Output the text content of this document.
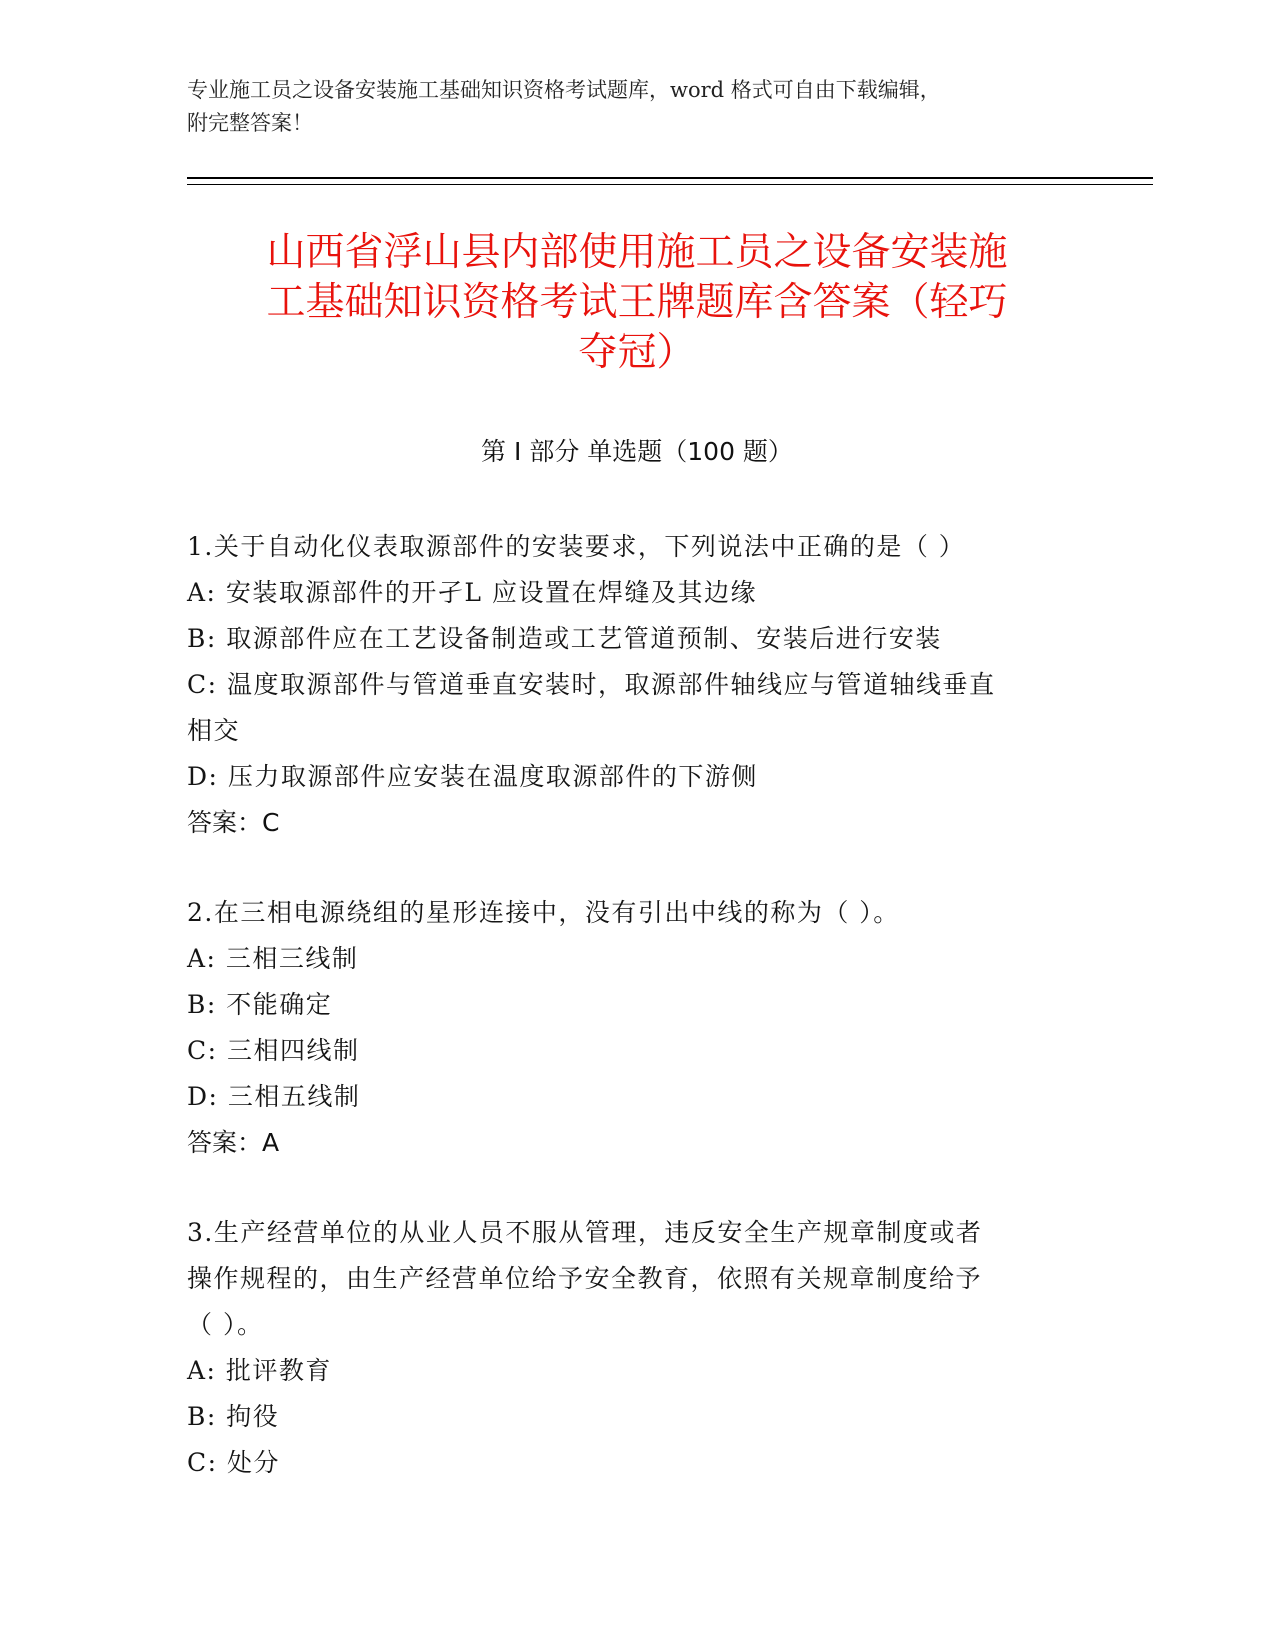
专业施工员之设备安装施工基础知识资格考试题库，word 格式可自由下载编辑，
附完整答案！
山西省浮山县内部使用施工员之设备安装施
工基础知识资格考试王牌题库含答案（轻巧
夺冠）
第 I 部分 单选题（100 题）
1.关于自动化仪表取源部件的安装要求，下列说法中正确的是（ ）
A: 安装取源部件的开孑L 应设置在焊缝及其边缘
B: 取源部件应在工艺设备制造或工艺管道预制、安装后进行安装
C: 温度取源部件与管道垂直安装时，取源部件轴线应与管道轴线垂直
相交
D: 压力取源部件应安装在温度取源部件的下游侧
答案：C
2.在三相电源绕组的星形连接中，没有引出中线的称为（ ）。
A: 三相三线制
B: 不能确定
C: 三相四线制
D: 三相五线制
答案：A
3.生产经营单位的从业人员不服从管理，违反安全生产规章制度或者
操作规程的，由生产经营单位给予安全教育，依照有关规章制度给予
（ ）。
A: 批评教育
B: 拘役
C: 处分
